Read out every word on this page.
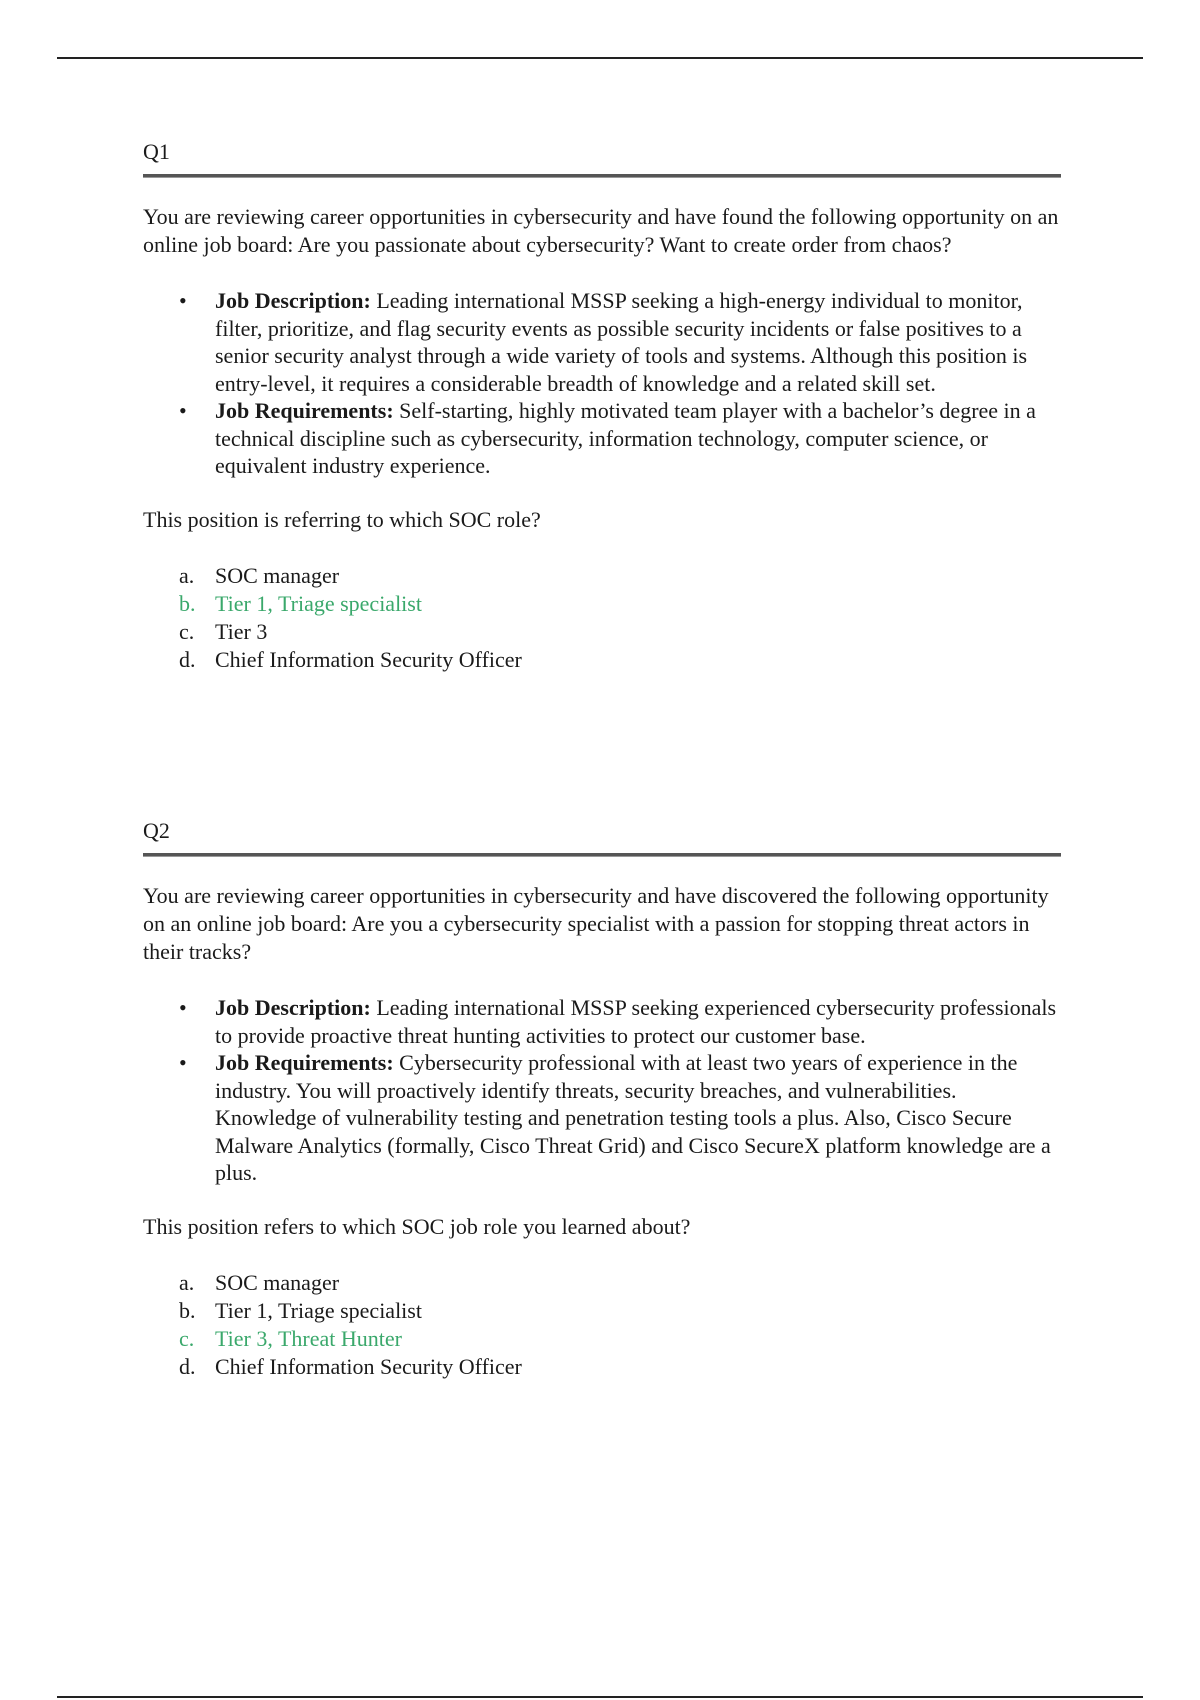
Q1

You are reviewing career opportunities in cybersecurity and have found the following opportunity on an online job board: Are you passionate about cybersecurity? Want to create order from chaos?

• Job Description: Leading international MSSP seeking a high-energy individual to monitor, filter, prioritize, and flag security events as possible security incidents or false positives to a senior security analyst through a wide variety of tools and systems. Although this position is entry-level, it requires a considerable breadth of knowledge and a related skill set.
• Job Requirements: Self-starting, highly motivated team player with a bachelor’s degree in a technical discipline such as cybersecurity, information technology, computer science, or equivalent industry experience.

This position is referring to which SOC role?

a. SOC manager
b. Tier 1, Triage specialist
c. Tier 3
d. Chief Information Security Officer
Q2

You are reviewing career opportunities in cybersecurity and have discovered the following opportunity on an online job board: Are you a cybersecurity specialist with a passion for stopping threat actors in their tracks?

• Job Description: Leading international MSSP seeking experienced cybersecurity professionals to provide proactive threat hunting activities to protect our customer base.
• Job Requirements: Cybersecurity professional with at least two years of experience in the industry. You will proactively identify threats, security breaches, and vulnerabilities. Knowledge of vulnerability testing and penetration testing tools a plus. Also, Cisco Secure Malware Analytics (formally, Cisco Threat Grid) and Cisco SecureX platform knowledge are a plus.

This position refers to which SOC job role you learned about?

a. SOC manager
b. Tier 1, Triage specialist
c. Tier 3, Threat Hunter
d. Chief Information Security Officer
